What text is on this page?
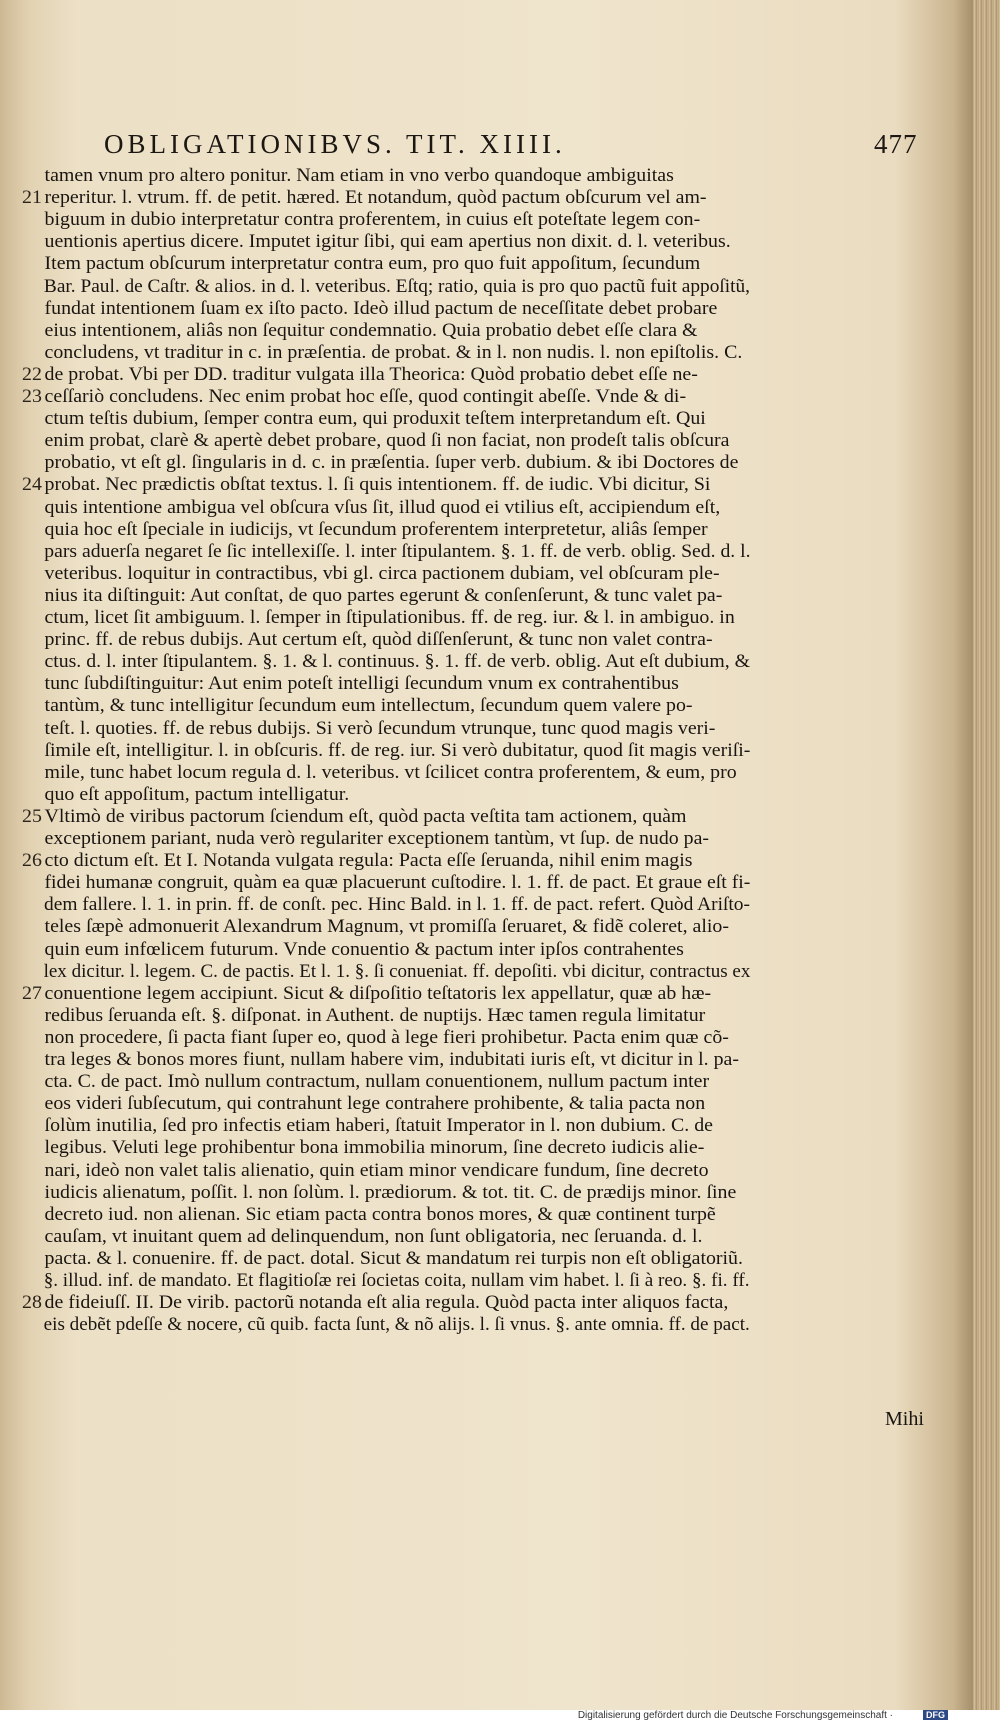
OBLIGATIONIBVS. TIT. XIIII.	477
tamen vnum pro altero ponitur. Nam etiam in vno verbo quandoque ambiguitas
21 reperitur. l. vtrum. ff. de petit. hæred. Et notandum, quòd pactum obſcurum vel am-
biguum in dubio interpretatur contra proferentem, in cuius eſt poteſtate legem con-
uentionis apertius dicere. Imputet igitur ſibi, qui eam apertius non dixit. d. l. veteribus.
Item pactum obſcurum interpretatur contra eum, pro quo fuit appoſitum, ſecundum
Bar. Paul. de Caſtr. & alios. in d. l. veteribus. Eſtq; ratio, quia is pro quo pactũ fuit appoſitũ,
fundat intentionem ſuam ex iſto pacto. Ideò illud pactum de neceſſitate debet probare
eius intentionem, aliâs non ſequitur condemnatio. Quia probatio debet eſſe clara &
concludens, vt traditur in c. in præſentia. de probat. & in l. non nudis. l. non epiſtolis. C.
22 de probat. Vbi per DD. traditur vulgata illa Theorica: Quòd probatio debet eſſe ne-
23 ceſſariò concludens. Nec enim probat hoc eſſe, quod contingit abeſſe. Vnde & di-
ctum teſtis dubium, ſemper contra eum, qui produxit teſtem interpretandum eſt. Qui
enim probat, clarè & apertè debet probare, quod ſi non faciat, non prodeſt talis obſcura
probatio, vt eſt gl. ſingularis in d. c. in præſentia. ſuper verb. dubium. & ibi Doctores de
24 probat. Nec prædictis obſtat textus. l. ſi quis intentionem. ff. de iudic. Vbi dicitur, Si
quis intentione ambigua vel obſcura vſus ſit, illud quod ei vtilius eſt, accipiendum eſt,
quia hoc eſt ſpeciale in iudicijs, vt ſecundum proferentem interpretetur, aliâs ſemper
pars aduerſa negaret ſe ſic intellexiſſe. l. inter ſtipulantem. §. 1. ff. de verb. oblig. Sed. d. l.
veteribus. loquitur in contractibus, vbi gl. circa pactionem dubiam, vel obſcuram ple-
nius ita diſtinguit: Aut conſtat, de quo partes egerunt & conſenſerunt, & tunc valet pa-
ctum, licet ſit ambiguum. l. ſemper in ſtipulationibus. ff. de reg. iur. & l. in ambiguo. in
princ. ff. de rebus dubijs. Aut certum eſt, quòd diſſenſerunt, & tunc non valet contra-
ctus. d. l. inter ſtipulantem. §. 1. & l. continuus. §. 1. ff. de verb. oblig. Aut eſt dubium, &
tunc ſubdiſtinguitur: Aut enim poteſt intelligi ſecundum vnum ex contrahentibus
tantùm, & tunc intelligitur ſecundum eum intellectum, ſecundum quem valere po-
teſt. l. quoties. ff. de rebus dubijs. Si verò ſecundum vtrunque, tunc quod magis veri-
ſimile eſt, intelligitur. l. in obſcuris. ff. de reg. iur. Si verò dubitatur, quod ſit magis veriſi-
mile, tunc habet locum regula d. l. veteribus. vt ſcilicet contra proferentem, & eum, pro
quo eſt appoſitum, pactum intelligatur.
25 Vltimò de viribus pactorum ſciendum eſt, quòd pacta veſtita tam actionem, quàm
exceptionem pariant, nuda verò regulariter exceptionem tantùm, vt ſup. de nudo pa-
26 cto dictum eſt. Et I. Notanda vulgata regula: Pacta eſſe ſeruanda, nihil enim magis
fidei humanæ congruit, quàm ea quæ placuerunt cuſtodire. l. 1. ff. de pact. Et graue eſt fi-
dem fallere. l. 1. in prin. ff. de conſt. pec. Hinc Bald. in l. 1. ff. de pact. refert. Quòd Ariſto-
teles ſæpè admonuerit Alexandrum Magnum, vt promiſſa ſeruaret, & fidẽ coleret, alio-
quin eum infœlicem futurum. Vnde conuentio & pactum inter ipſos contrahentes
lex dicitur. l. legem. C. de pactis. Et l. 1. §. ſi conueniat. ff. depoſiti. vbi dicitur, contractus ex
27 conuentione legem accipiunt. Sicut & diſpoſitio teſtatoris lex appellatur, quæ ab hæ-
redibus ſeruanda eſt. §. diſponat. in Authent. de nuptijs. Hæc tamen regula limitatur
non procedere, ſi pacta fiant ſuper eo, quod à lege fieri prohibetur. Pacta enim quæ cõ-
tra leges & bonos mores fiunt, nullam habere vim, indubitati iuris eſt, vt dicitur in l. pa-
cta. C. de pact. Imò nullum contractum, nullam conuentionem, nullum pactum inter
eos videri ſubſecutum, qui contrahunt lege contrahere prohibente, & talia pacta non
ſolùm inutilia, ſed pro infectis etiam haberi, ſtatuit Imperator in l. non dubium. C. de
legibus. Veluti lege prohibentur bona immobilia minorum, ſine decreto iudicis alie-
nari, ideò non valet talis alienatio, quin etiam minor vendicare fundum, ſine decreto
iudicis alienatum, poſſit. l. non ſolùm. l. prædiorum. & tot. tit. C. de prædijs minor. ſine
decreto iud. non alienan. Sic etiam pacta contra bonos mores, & quæ continent turpẽ
cauſam, vt inuitant quem ad delinquendum, non ſunt obligatoria, nec ſeruanda. d. l.
pacta. & l. conuenire. ff. de pact. dotal. Sicut & mandatum rei turpis non eſt obligatoriũ.
§. illud. inf. de mandato. Et flagitioſæ rei ſocietas coita, nullam vim habet. l. ſi à reo. §. fi. ff.
28 de fideiuſſ. II. De virib. pactorũ notanda eſt alia regula. Quòd pacta inter aliquos facta,
eis debẽt pdeſſe & nocere, cũ quib. facta ſunt, & nõ alijs. l. ſi vnus. §. ante omnia. ff. de pact.
Mihi
Digitalisierung gefördert durch die Deutsche Forschungsgemeinschaft ·	DFG
